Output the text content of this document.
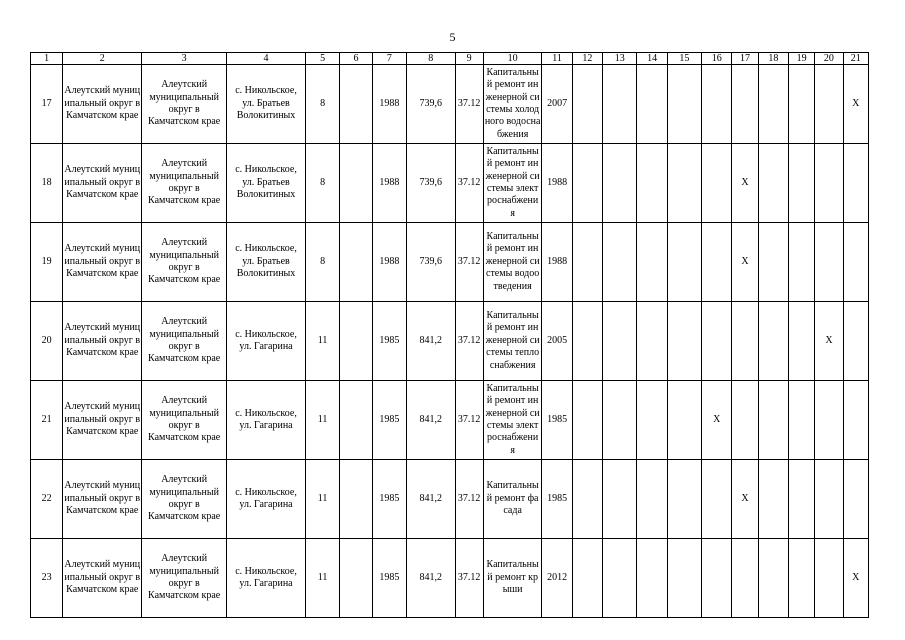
5
1	2	3	4	5	6	7	8	9	10	11	12	13	14	15	16	17	18	19	20	21
17	Алеутский муниципальный округ в Камчатском крае	Алеутский муниципальный округ в Камчатском крае	с. Никольское, ул. Братьев Волокитиных	8		1988	739,6	37.12	Капитальный ремонт инженерной системы холодного водоснабжения	2007										X
18	Алеутский муниципальный округ в Камчатском крае	Алеутский муниципальный округ в Камчатском крае	с. Никольское, ул. Братьев Волокитиных	8		1988	739,6	37.12	Капитальный ремонт инженерной системы электроснабжения	1988						X				
19	Алеутский муниципальный округ в Камчатском крае	Алеутский муниципальный округ в Камчатском крае	с. Никольское, ул. Братьев Волокитиных	8		1988	739,6	37.12	Капитальный ремонт инженерной системы водоотведения	1988						X				
20	Алеутский муниципальный округ в Камчатском крае	Алеутский муниципальный округ в Камчатском крае	с. Никольское, ул. Гагарина	11		1985	841,2	37.12	Капитальный ремонт инженерной системы теплоснабжения	2005									X	
21	Алеутский муниципальный округ в Камчатском крае	Алеутский муниципальный округ в Камчатском крае	с. Никольское, ул. Гагарина	11		1985	841,2	37.12	Капитальный ремонт инженерной системы электроснабжения	1985					X					
22	Алеутский муниципальный округ в Камчатском крае	Алеутский муниципальный округ в Камчатском крае	с. Никольское, ул. Гагарина	11		1985	841,2	37.12	Капитальный ремонт фасада	1985						X				
23	Алеутский муниципальный округ в Камчатском крае	Алеутский муниципальный округ в Камчатском крае	с. Никольское, ул. Гагарина	11		1985	841,2	37.12	Капитальный ремонт крыши	2012										X
